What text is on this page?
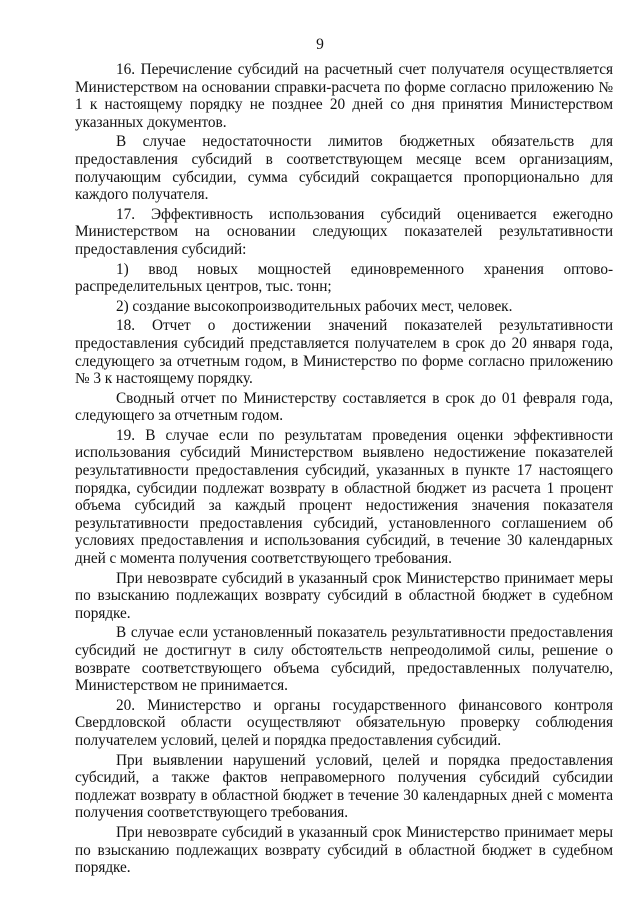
9

16. Перечисление субсидий на расчетный счет получателя осуществляется Министерством на основании справки-расчета по форме согласно приложению № 1 к настоящему порядку не позднее 20 дней со дня принятия Министерством указанных документов.

В случае недостаточности лимитов бюджетных обязательств для предоставления субсидий в соответствующем месяце всем организациям, получающим субсидии, сумма субсидий сокращается пропорционально для каждого получателя.

17. Эффективность использования субсидий оценивается ежегодно Министерством на основании следующих показателей результативности предоставления субсидий:

1) ввод новых мощностей единовременного хранения оптово-распределительных центров, тыс. тонн;

2) создание высокопроизводительных рабочих мест, человек.

18. Отчет о достижении значений показателей результативности предоставления субсидий представляется получателем в срок до 20 января года, следующего за отчетным годом, в Министерство по форме согласно приложению № 3 к настоящему порядку.

Сводный отчет по Министерству составляется в срок до 01 февраля года, следующего за отчетным годом.

19. В случае если по результатам проведения оценки эффективности использования субсидий Министерством выявлено недостижение показателей результативности предоставления субсидий, указанных в пункте 17 настоящего порядка, субсидии подлежат возврату в областной бюджет из расчета 1 процент объема субсидий за каждый процент недостижения значения показателя результативности предоставления субсидий, установленного соглашением об условиях предоставления и использования субсидий, в течение 30 календарных дней с момента получения соответствующего требования.

При невозврате субсидий в указанный срок Министерство принимает меры по взысканию подлежащих возврату субсидий в областной бюджет в судебном порядке.

В случае если установленный показатель результативности предоставления субсидий не достигнут в силу обстоятельств непреодолимой силы, решение о возврате соответствующего объема субсидий, предоставленных получателю, Министерством не принимается.

20. Министерство и органы государственного финансового контроля Свердловской области осуществляют обязательную проверку соблюдения получателем условий, целей и порядка предоставления субсидий.

При выявлении нарушений условий, целей и порядка предоставления субсидий, а также фактов неправомерного получения субсидий субсидии подлежат возврату в областной бюджет в течение 30 календарных дней с момента получения соответствующего требования.

При невозврате субсидий в указанный срок Министерство принимает меры по взысканию подлежащих возврату субсидий в областной бюджет в судебном порядке.
